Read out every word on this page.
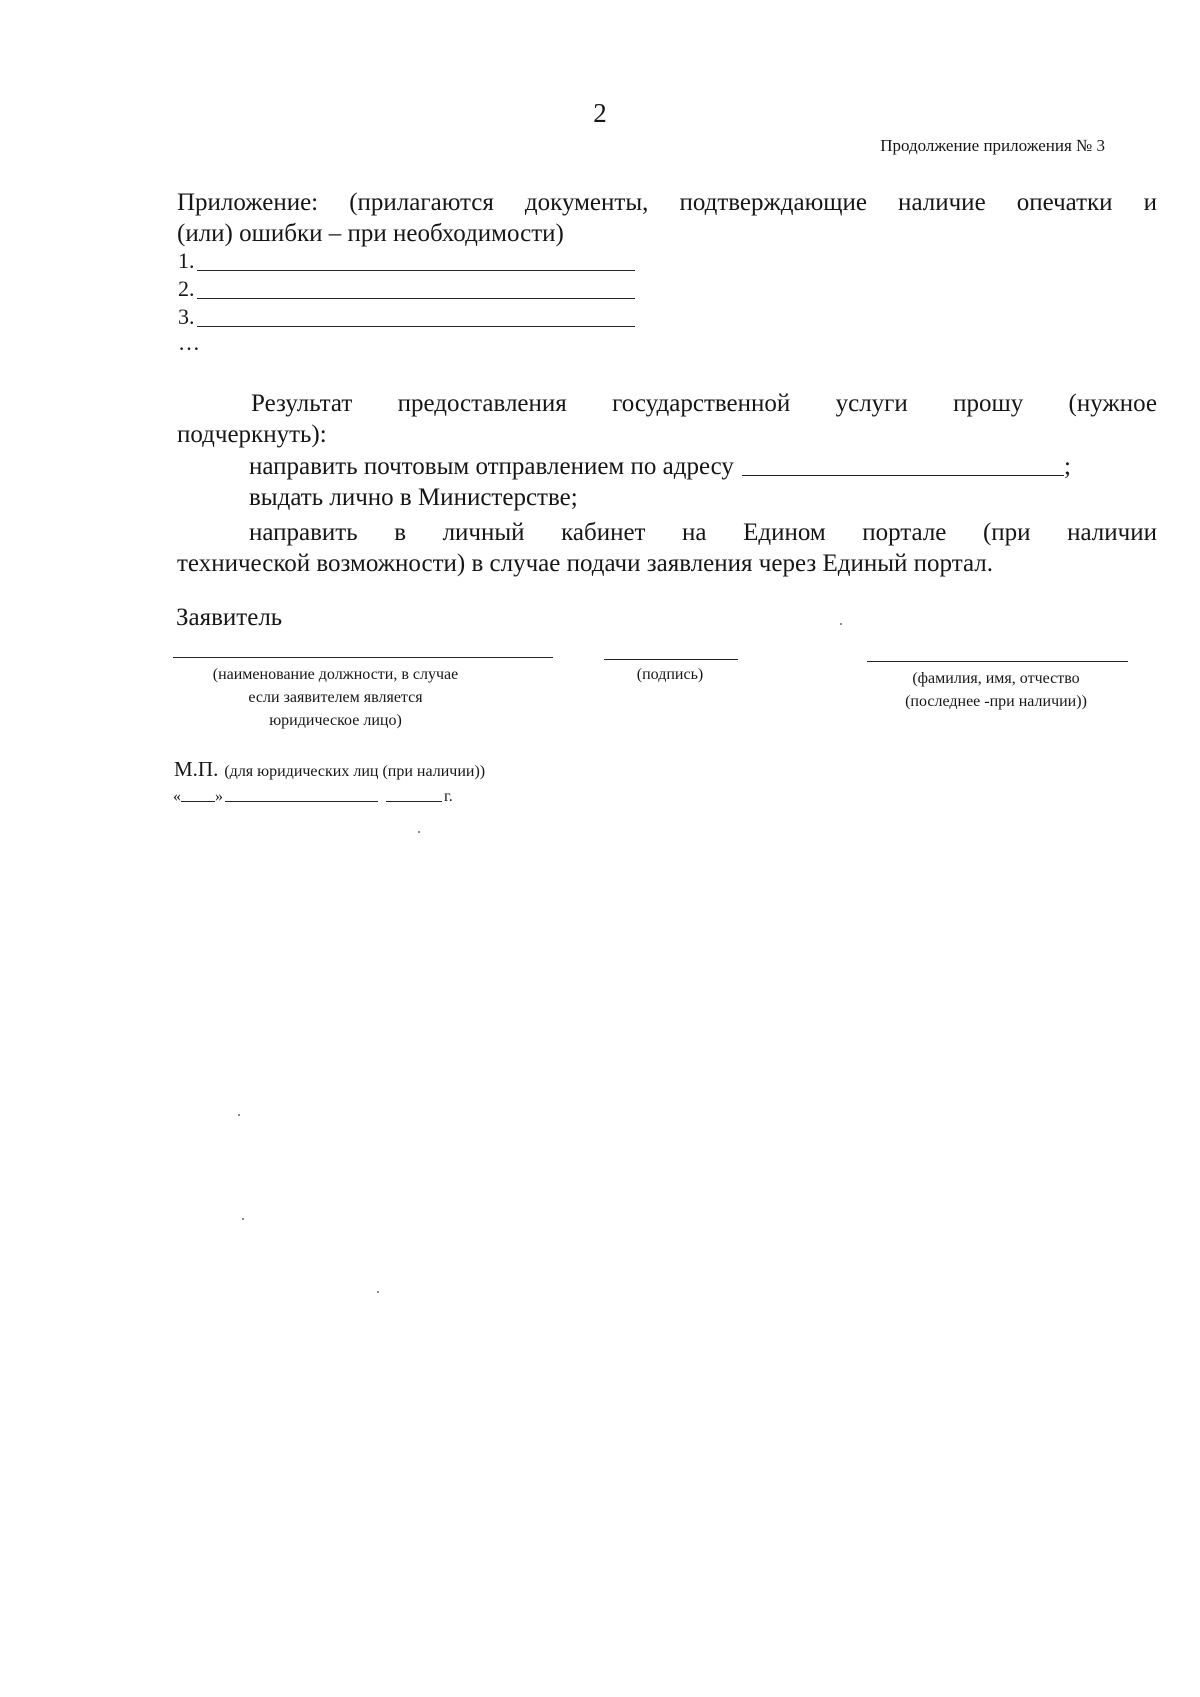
2
Продолжение приложения № 3
Приложение: (прилагаются документы, подтверждающие наличие опечатки и
(или) ошибки – при необходимости)
1.
2.
3.
…
Результат предоставления государственной услуги прошу (нужное
подчеркнуть):
направить почтовым отправлением по адресу	;
выдать лично в Министерстве;
направить в личный кабинет на Едином портале (при наличии
технической возможности) в случае подачи заявления через Единый портал.
Заявитель
(наименование должности, в случае
если заявителем является
юридическое лицо)
(подпись)	(фамилия, имя, отчество
(последнее -при наличии))
М.П. (для юридических лиц (при наличии))
« »	г.
